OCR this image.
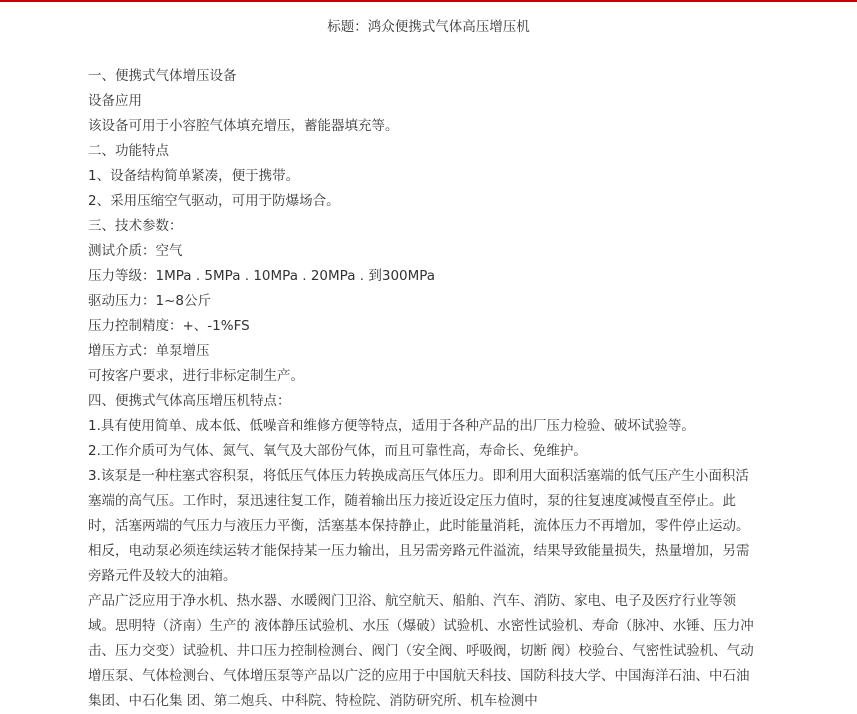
标题：鸿众便携式气体高压增压机

一、便携式气体增压设备

设备应用

该设备可用于小容腔气体填充增压，蓄能器填充等。

二、功能特点

1、设备结构简单紧凑，便于携带。

2、采用压缩空气驱动，可用于防爆场合。

三、技术参数：

测试介质：空气

压力等级：1MPa . 5MPa . 10MPa . 20MPa . 到300MPa

驱动压力：1~8公斤

压力控制精度：+、-1%FS

增压方式：单泵增压

可按客户要求，进行非标定制生产。

四、便携式气体高压增压机特点：

1.具有使用简单、成本低、低噪音和维修方便等特点，适用于各种产品的出厂压力检验、破坏试验等。

2.工作介质可为气体、氮气、氧气及大部份气体，而且可靠性高，寿命长、免维护。

3.该泵是一种柱塞式容积泵，将低压气体压力转换成高压气体压力。即利用大面积活塞端的低气压产生小面积活塞端的高气压。工作时，泵迅速往复工作，随着输出压力接近设定压力值时，泵的往复速度减慢直至停止。此时，活塞两端的气压力与液压力平衡，活塞基本保持静止，此时能量消耗，流体压力不再增加，零件停止运动。相反，电动泵必须连续运转才能保持某一压力输出，且另需旁路元件溢流，结果导致能量损失，热量增加，另需旁路元件及较大的油箱。

产品广泛应用于净水机、热水器、水暖阀门卫浴、航空航天、船舶、汽车、消防、家电、电子及医疗行业等领域。思明特（济南）生产的 液体静压试验机、水压（爆破）试验机、水密性试验机、寿命（脉冲、水锤、压力冲击、压力交变）试验机、井口压力控制检测台、阀门（安全阀、呼吸阀，切断 阀）校验台、气密性试验机、气动增压泵、气体检测台、气体增压泵等产品以广泛的应用于中国航天科技、国防科技大学、中国海洋石油、中石油集团、中石化集 团、第二炮兵、中科院、特检院、消防研究所、机车检测中
